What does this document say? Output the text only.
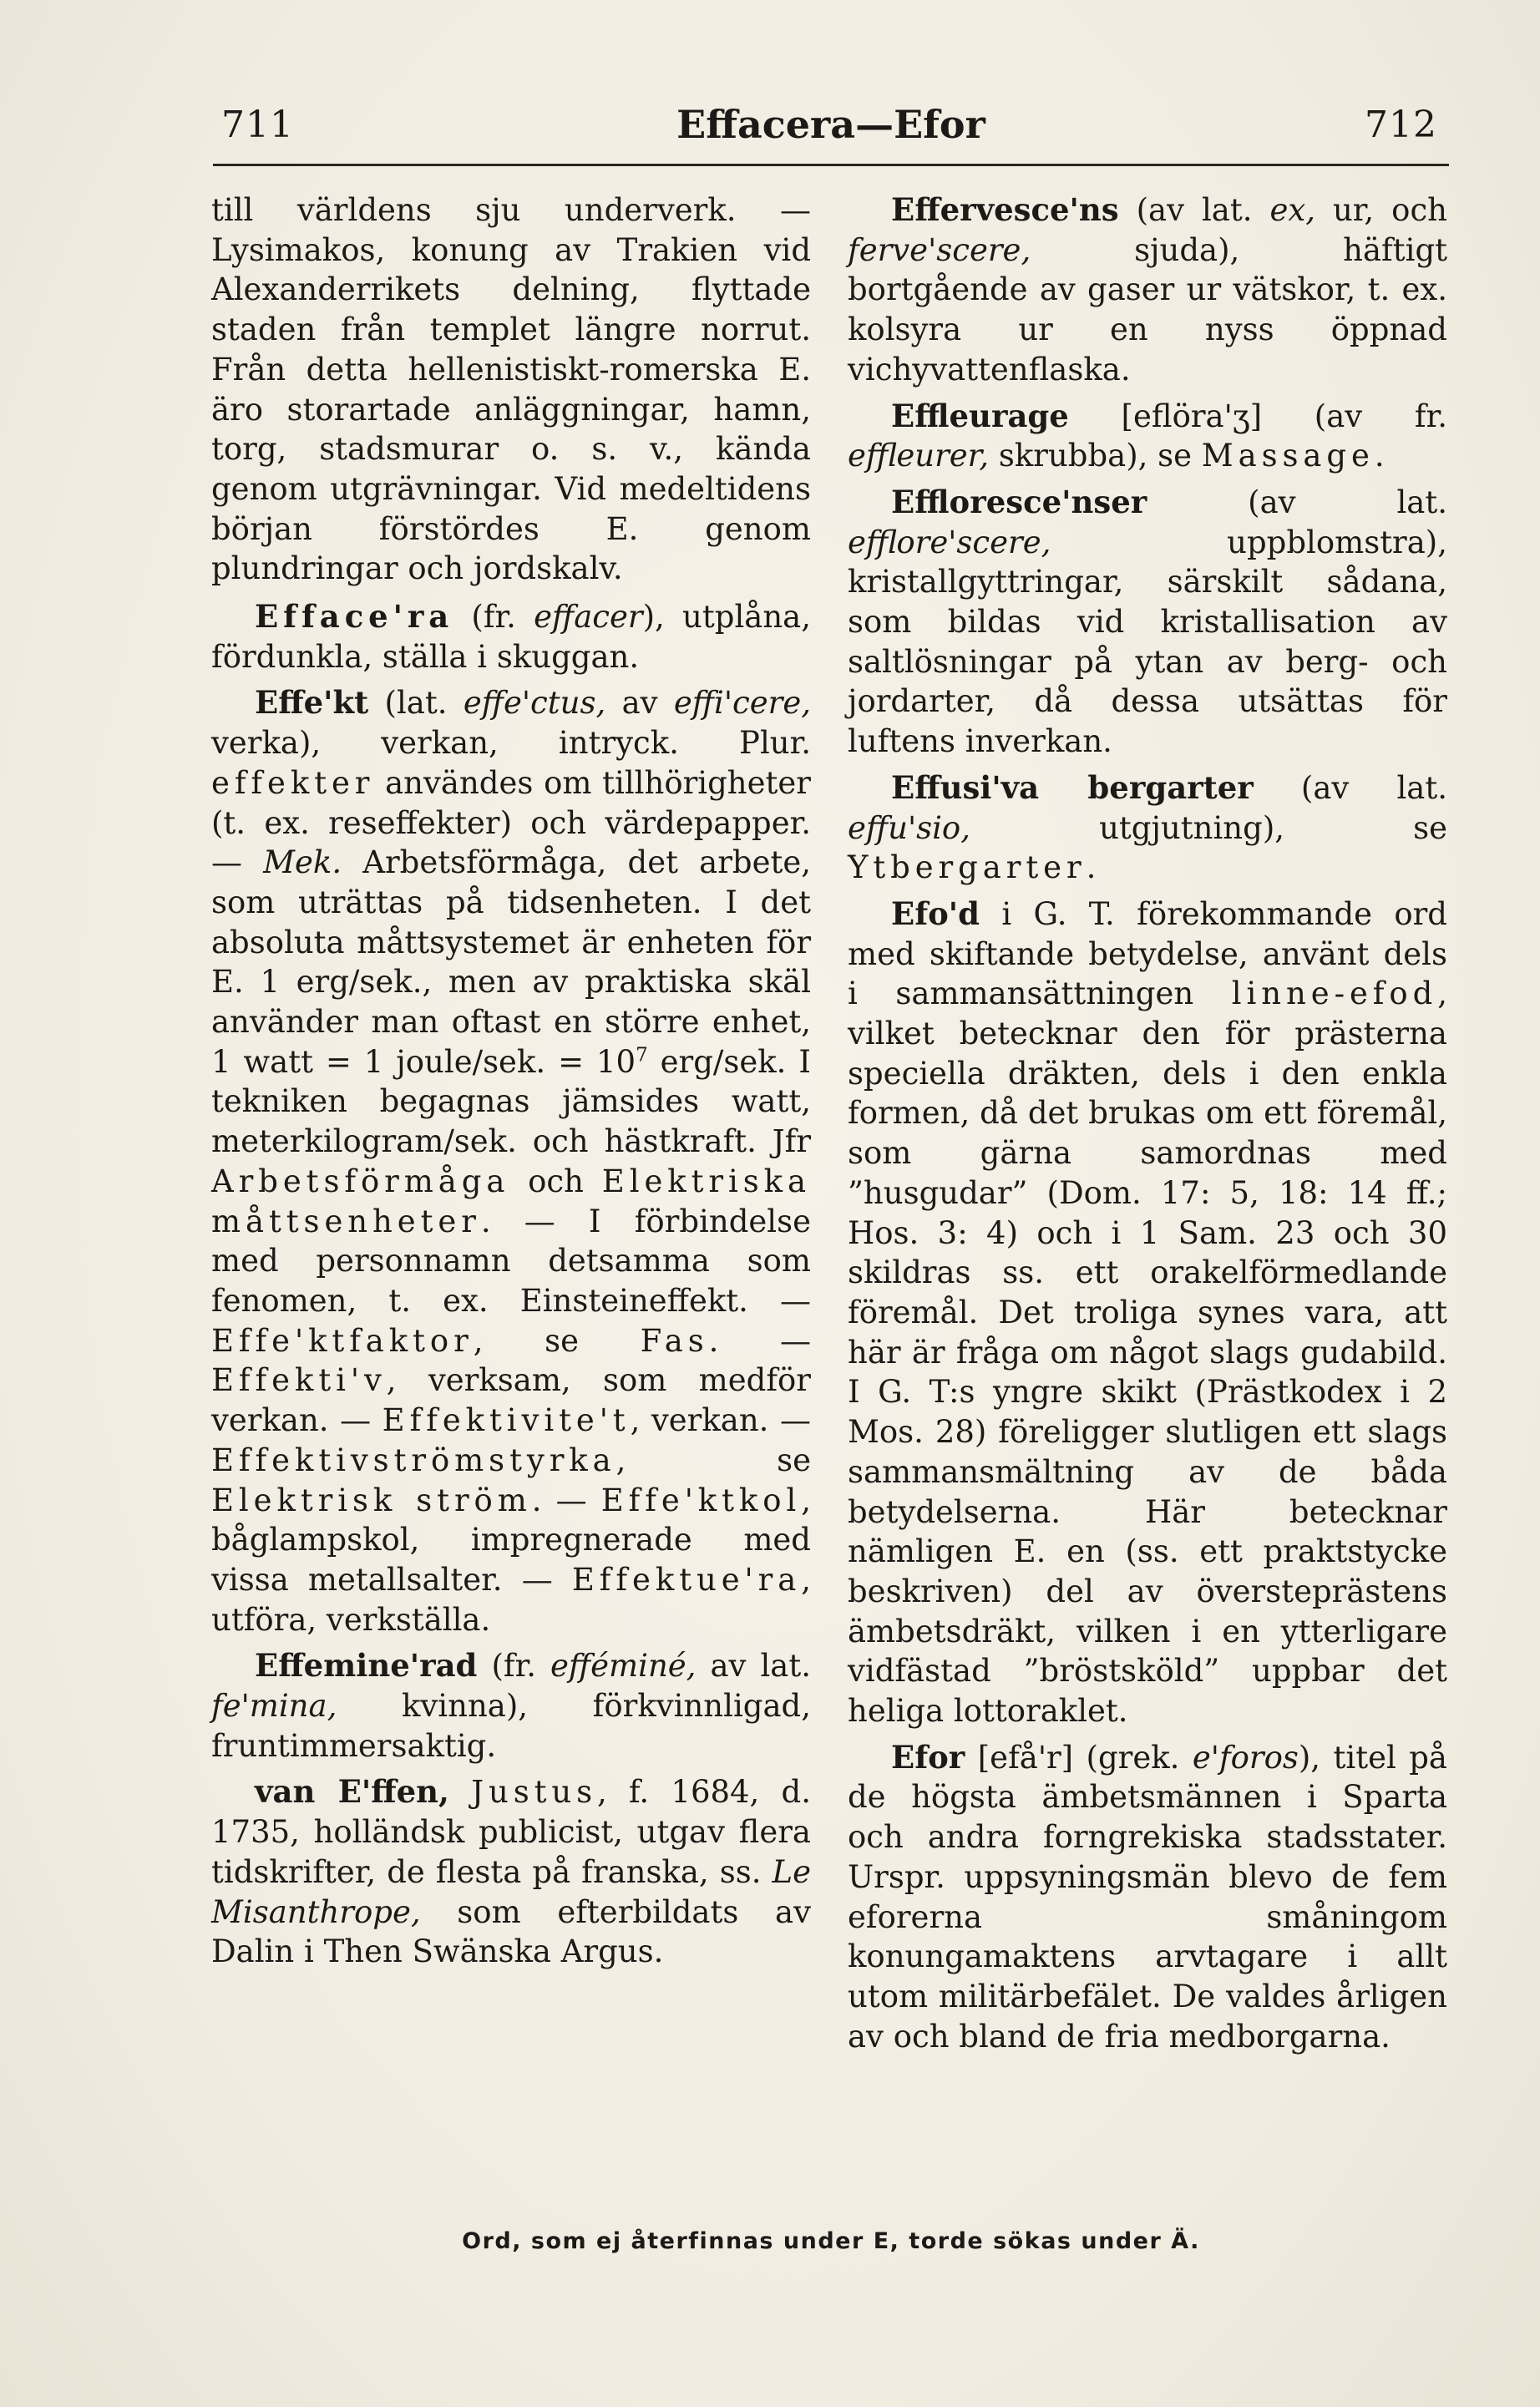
711	Effacera—Efor	712

till världens sju underverk. — Lysimakos, konung av Trakien vid Alexanderrikets delning, flyttade staden från templet längre norrut. Från detta hellenistiskt-romerska E. äro storartade anläggningar, hamn, torg, stadsmurar o. s. v., kända genom utgrävningar. Vid medeltidens början förstördes E. genom plundringar och jordskalv.

Efface'ra (fr. effacer), utplåna, fördunkla, ställa i skuggan.

Effe'kt (lat. effe'ctus, av effi'cere, verka), verkan, intryck. Plur. effekter användes om tillhörigheter (t. ex. reseffekter) och värdepapper. — Mek. Arbetsförmåga, det arbete, som uträttas på tidsenheten. I det absoluta måttsystemet är enheten för E. 1 erg/sek., men av praktiska skäl använder man oftast en större enhet, 1 watt = 1 joule/sek. = $10^7$ erg/sek. I tekniken begagnas jämsides watt, meterkilogram/sek. och hästkraft. Jfr Arbetsförmåga och Elektriska måttsenheter. — I förbindelse med personnamn detsamma som fenomen, t. ex. Einsteineffekt. — Effe'ktfaktor, se Fas. — Effekti'v, verksam, som medför verkan. — Effektivite't, verkan. — Effektivströmstyrka, se Elektrisk ström. — Effe'ktkol, båglampskol, impregnerade med vissa metallsalter. — Effektue'ra, utföra, verkställa.

Effemine'rad (fr. efféminé, av lat. fe'mina, kvinna), förkvinnligad, fruntimmersaktig.

van E'ffen, Justus, f. 1684, d. 1735, holländsk publicist, utgav flera tidskrifter, de flesta på franska, ss. Le Misanthrope, som efterbildats av Dalin i Then Swänska Argus.

Effervesce'ns (av lat. ex, ur, och ferve'scere, sjuda), häftigt bortgående av gaser ur vätskor, t. ex. kolsyra ur en nyss öppnad vichyvattenflaska.

Effleurage [eflöra'ʒ] (av fr. effleurer, skrubba), se Massage.

Effloresce'nser (av lat. efflore'scere, uppblomstra), kristallgyttringar, särskilt sådana, som bildas vid kristallisation av saltlösningar på ytan av berg- och jordarter, då dessa utsättas för luftens inverkan.

Effusi'va bergarter (av lat. effu'sio, utgjutning), se Ytbergarter.

Efo'd i G. T. förekommande ord med skiftande betydelse, använt dels i sammansättningen linne-efod, vilket betecknar den för prästerna speciella dräkten, dels i den enkla formen, då det brukas om ett föremål, som gärna samordnas med ”husgudar” (Dom. 17: 5, 18: 14 ff.; Hos. 3: 4) och i 1 Sam. 23 och 30 skildras ss. ett orakelförmedlande föremål. Det troliga synes vara, att här är fråga om något slags gudabild. I G. T:s yngre skikt (Prästkodex i 2 Mos. 28) föreligger slutligen ett slags sammansmältning av de båda betydelserna. Här betecknar nämligen E. en (ss. ett praktstycke beskriven) del av översteprästens ämbetsdräkt, vilken i en ytterligare vidfästad ”bröstsköld” uppbar det heliga lottoraklet.

Efor [efå'r] (grek. e'foros), titel på de högsta ämbetsmännen i Sparta och andra forngrekiska stadsstater. Urspr. uppsyningsmän blevo de fem eforerna småningom konungamaktens arvtagare i allt utom militärbefälet. De valdes årligen av och bland de fria medborgarna.

Ord, som ej återfinnas under E, torde sökas under Ä.
